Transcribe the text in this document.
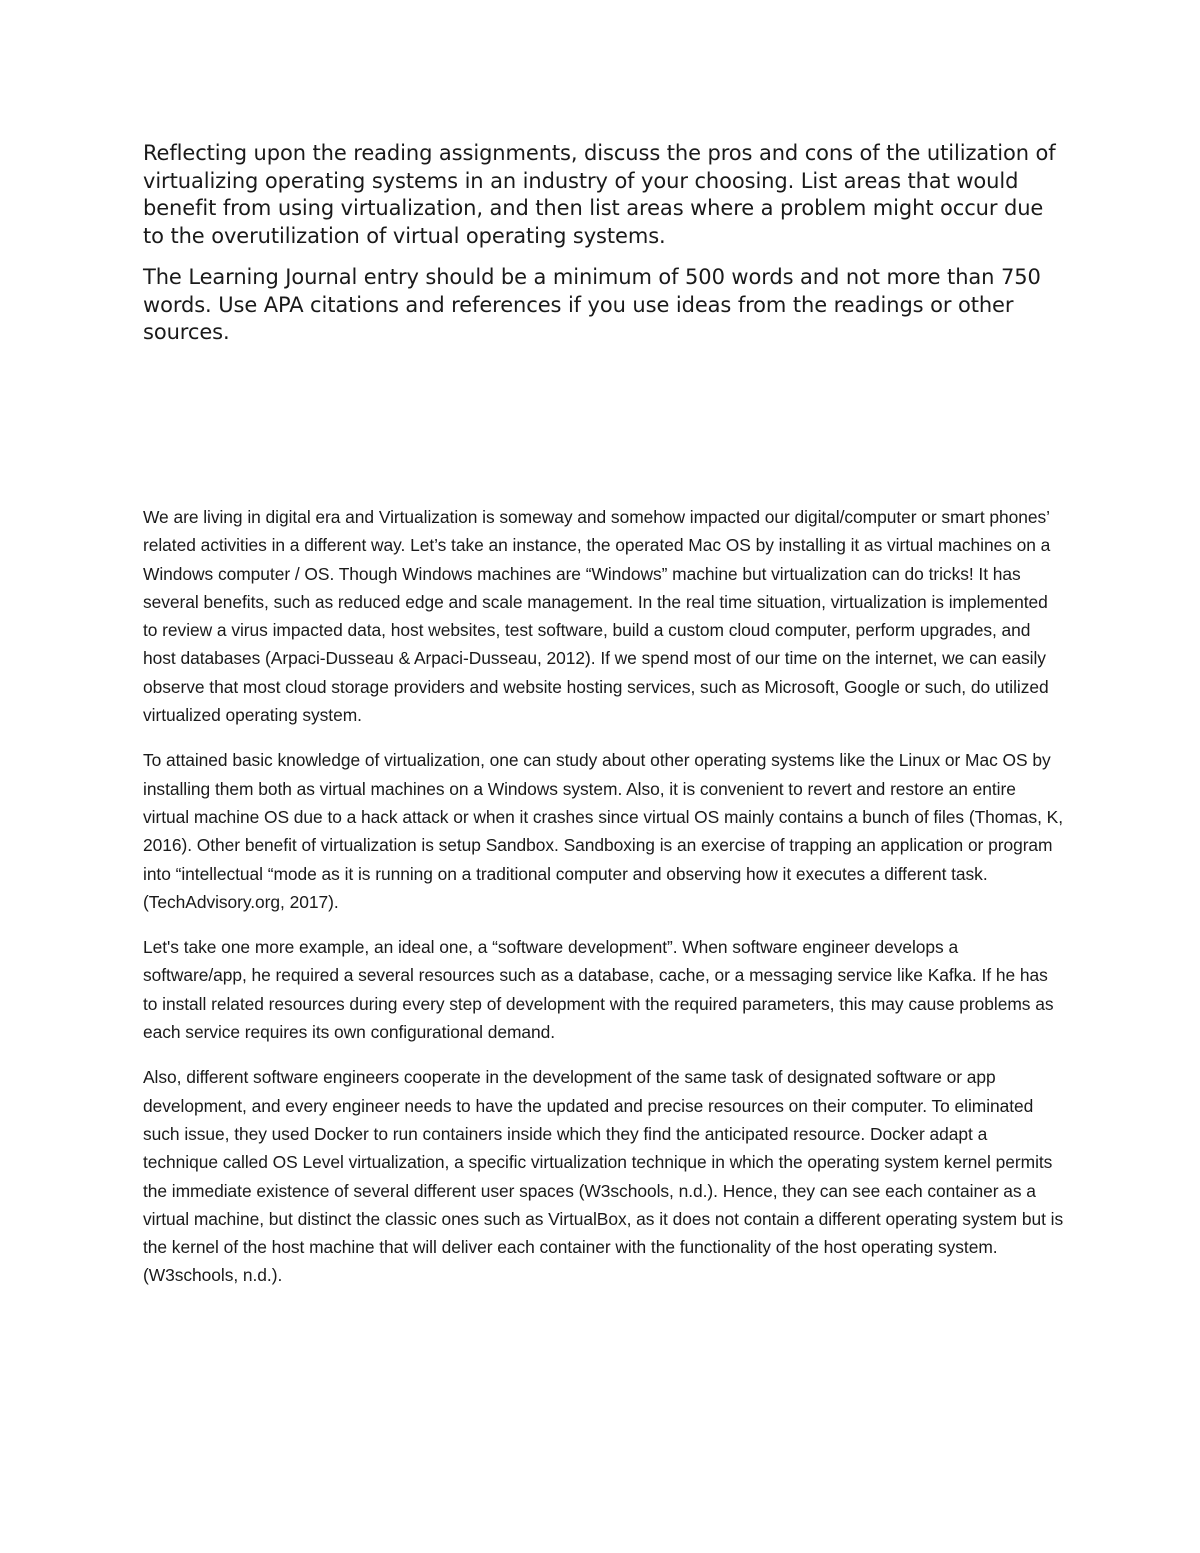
Reflecting upon the reading assignments, discuss the pros and cons of the utilization of virtualizing operating systems in an industry of your choosing. List areas that would benefit from using virtualization, and then list areas where a problem might occur due to the overutilization of virtual operating systems.

The Learning Journal entry should be a minimum of 500 words and not more than 750 words. Use APA citations and references if you use ideas from the readings or other sources.

We are living in digital era and Virtualization is someway and somehow impacted our digital/computer or smart phones’ related activities in a different way. Let’s take an instance, the operated Mac OS by installing it as virtual machines on a Windows computer / OS. Though Windows machines are “Windows” machine but virtualization can do tricks! It has several benefits, such as reduced edge and scale management. In the real time situation, virtualization is implemented to review a virus impacted data, host websites, test software, build a custom cloud computer, perform upgrades, and host databases (Arpaci-Dusseau & Arpaci-Dusseau, 2012). If we spend most of our time on the internet, we can easily observe that most cloud storage providers and website hosting services, such as Microsoft, Google or such, do utilized virtualized operating system.

To attained basic knowledge of virtualization, one can study about other operating systems like the Linux or Mac OS by installing them both as virtual machines on a Windows system. Also, it is convenient to revert and restore an entire virtual machine OS due to a hack attack or when it crashes since virtual OS mainly contains a bunch of files (Thomas, K, 2016). Other benefit of virtualization is setup Sandbox. Sandboxing is an exercise of trapping an application or program into “intellectual “mode as it is running on a traditional computer and observing how it executes a different task. (TechAdvisory.org, 2017).

Let's take one more example, an ideal one, a “software development”. When software engineer develops a software/app, he required a several resources such as a database, cache, or a messaging service like Kafka. If he has to install related resources during every step of development with the required parameters, this may cause problems as each service requires its own configurational demand.

Also, different software engineers cooperate in the development of the same task of designated software or app development, and every engineer needs to have the updated and precise resources on their computer. To eliminated such issue, they used Docker to run containers inside which they find the anticipated resource. Docker adapt a technique called OS Level virtualization, a specific virtualization technique in which the operating system kernel permits the immediate existence of several different user spaces (W3schools, n.d.). Hence, they can see each container as a virtual machine, but distinct the classic ones such as VirtualBox, as it does not contain a different operating system but is the kernel of the host machine that will deliver each container with the functionality of the host operating system. (W3schools, n.d.).
